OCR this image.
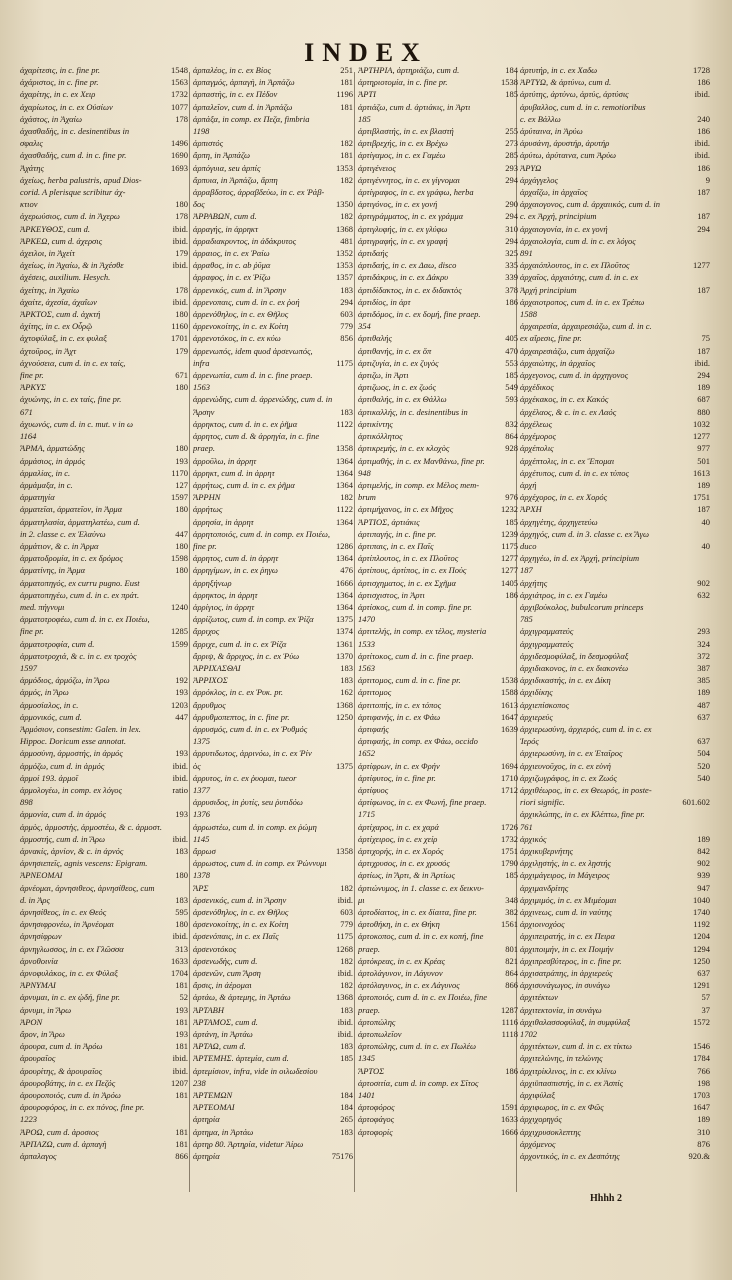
INDEX
ἀχαρίτεσις, in c. fine pr.	1548
ἀχάριστος, in c. fine pr.	1563
ἀχαρίτης, in c. ex Χειρ	1732
ἀχαρίωτος, in c. ex Οὐσίων	1077
ἀχάστος, in Ἀχαίω	178
ἀχασθαδὴς, in c. desinentibus in
σφαλις	1496
ἀχασθαδὴς, cum d. in c. fine pr.	1690
Ἀχάτης	1693
ἀχείως, herba palustris, apud Dios-
corid. A plerisque scribitur ἀχ-
κτιον	180
ἀχερωύσιος, cum d. in Ἀχερω	178
ἈΡΚΕΥΘΟΣ, cum d.	ibid.
ἈΡΚΕΩ, cum d. ἀχερσις	ibid.
ἀχειλοι, in Ἀχείτ	179
ἀχείως, in Ἀχαίω, & in Ἀχέσθε	ibid.
ἀχέσεις, auxilium. Hesych.
ἀχείτης, in Ἀχαίω	178
ἀχαίτε, ἀχεσία, ἀχαΐων	ibid.
ἈΡΚΤΟΣ, cum d. ἀχκτή	180
ἀχίτης, in c. ex Οὖρῷ	1160
ἀχτοφύλαξ, in c. ex φυλαξ	1701
ἀχτοῦρος, in Ἀχτ	179
ἀχνούσεια, cum d. in c. ex ταίς,
fine pr.	671
ἈΡΚΥΣ	180
ἀχυώνης, in c. ex ταίς, fine pr.
671
ἀχυωνός, cum d. in c. mut. ν in ω
1164
ἌΡΜΑ, ἀρματώδης	180
ἀρμάσιος, in ἀρμός	193
ἀρμαλίας, in c.	1170
ἀρμάμαξα, in c.	127
ἀρματηγία	1597
ἀρματεῖαι, ἀρματεῖον, in Ἀρμα	180
ἀρματηλασία, ἀρματηλατέω, cum d.
in 2. classe c. ex Ἐλαύνω	447
ἀρμάτιον, & c. in Ἀρμα	180
ἀρματοδρομία, in c. ex δρόμος	1598
ἀρματίνης, in Ἀρμα	180
ἀρματοπηγός, ex curru pugno. Eust
ἀρματοπηγέω, cum d. in c. ex πράτ.
med. πήγνυμι	1240
ἀρματοτροφέω, cum d. in c. ex Ποιέω,
fine pr.	1285
ἀρματοτροφία, cum d.	1599
ἀρματοτροχιά, & c. in c. ex τροχὸς
1597
ἀρμόδιος, ἀρμόζω, in Ἄρω	192
ἀρμός, in Ἄρω	193
ἀρμοσίαλος, in c.	1203
ἀρμονικός, cum d.	447
Ἁρμόσιον, consestim: Galen. in lex.
Hippoc. Doricum esse annotat.
ἀρμοσύνη, ἀρμοστής, in ἀρμός	193
ἀρμόζω, cum d. in ἀρμός	ibid.
ἀρμοί 193. ἀρμοῖ	ibid.
ἀρμολογέω, in comp. ex λόγος	ratio
898
ἀρμονία, cum d. in ἀρμός	193
ἀρμὸς, ἀρμοστὴς, ἀρμοστέω, & c. ἀρμοστ.
ἀρμοστής, cum d. in Ἄρω	ibid.
ἀρνακίς, ἀρνίον, & c. in ἀρνός	183
ἀρνησιεπεῖς, agnis vescens: Epigram.
ἈΡΝΕΟΜΑΙ	180
ἀρνέομαι, ἀρνησιθεος, ἀρνησίθεος, cum
d. in Ἀρς	183
ἀρνησίθεος, in c. ex Θεός	595
ἀρνησιφρονέω, in Ἀρνέομαι	180
ἀρνησίφρων	ibid.
ἀρνηγλωσσος, in c. ex Γλῶσσα	313
ἀρνοθοινία	1633
ἀρνοφυλάκος, in c. ex Φύλαξ	1704
ἈΡΝΥΜΑΙ	181
ἀρνυμαι, in c. ex ᾠδή, fine pr.	52
ἀρνυμι, in Ἄρω	193
ἈΡΟΝ	181
ἄρον, in Ἄρω	193
ἀρουρα, cum d. in Ἀρόω	181
ἀρουραῖος	ibid.
ἀρουρίτης, & ἀρουραῖος	ibid.
ἀρουροβάτης, in c. ex Πεζός	1207
ἀρουροποιός, cum d. in Ἀρόω	181
ἀρουροφόρος, in c. ex πόνος, fine pr.
1223
ἈΡΟΩ, cum d. ἀροσιος	181
ἈΡΠΑΖΩ, cum d. ἀρπαγὴ	181
ἀρπαλαγος	866
ἀρπαλέος, in c. ex Βίος	251
ἀρπαγμός, ἀρπαγὴ, in Ἀρπάζω	181
ἀρπαστὴς, in c. ex Πέδον	1196
ἀρπαλεῖον, cum d. in Ἀρπάζω	181
ἀρπάξα, in comp. ex Πεζα, fimbria
1198
ἀρπιστός	182
ἄρπη, in Ἀρπάζω	181
ἀρπόγυια, seu ἀρπίς	1353
ἄρπυια, in Ἀρπάζω, ἄρπη	182
ἀρραβδοτος, ἀρραβδεύω, in c. ex Ῥάβ-
δος	1350
ἈΡΡΑΒΩΝ, cum d.	182
ἀρραγής, in ἀρρηκτ	1368
ἀρραδιακρυντος, in ἀδάκρυτος	481
ἀρραιος, in c. ex Ῥαίω	1352
ἀρραθος, in c. ab ῥῦμα	1353
ἀρραφος, in c. ex Ῥίζω	1357
ἀρρενικός, cum d. in Ἄρσην	183
ἀρρενοπαις, cum d. in c. ex ῥοή	294
ἀρρενόθηλυς, in c. ex Θῆλυς	603
ἀρρενοκοίτης, in c. ex Κοίτη	779
ἀρρενοτόκος, in c. ex κύω	856
ἀρρενωπός, idem quod ἀρσενωπός,
infra	1175
ἀρρενωπία, cum d. in c. fine praep.
1563
ἀρρενώδης, cum d. ἀρρενώδης, cum d. in
Ἄρσην	183
ἀρρηκτος, cum d. in c. ex ῥῆμα	1122
ἀρρητος, cum d. & ἀρρηγία, in c. fine
praep.	1358
ἀρροῦλω, in ἀρρητ	1364
ἀρρηκτ, cum d. in ἀρρητ	1364
ἀρρήτως, cum d. in c. ex ῥῆμα	1364
ἌΡΡΗΝ	182
ἀρρήτως	1122
ἀρρησία, in ἀρρητ	1364
ἀρρητοποιός, cum d. in comp. ex Ποιέω,
fine pr.	1286
ἀρρητος, cum d. in ἀρρητ	1364
ἀρρηγίμων, in c. ex ῥηγω	476
ἀρρηξήνωρ	1666
ἀρρηκτος, in ἀρρητ	1364
ἀρρίγιος, in ἀρρητ	1364
ἀρρίζωτος, cum d. in comp. ex Ῥίζα	1375
ἄρριχος	1374
ἄρριχε, cum d. in c. ex Ῥίζα	1361
ἄρριψ, & ἄρριχος, in c. ex Ῥύω	1370
ἈΡΡΙΧΑΣΘΑΙ	183
ἈΡΡΙΧΟΣ	183
ἀρρόκλος, in c. ex Ῥυκ. pr.	162
ἄρρυθμος	1368
ἀρρυθμοπεπτος, in c. fine pr.	1250
ἀρρυσμός, cum d. in c. ex Ῥυθμός
1375
ἀρρυτιδωτος, ἀρρινόω, in c. ex Ῥίν
ὸς	1375
ἀρρυτος, in c. ex ῥυομαι, tueor
1377
ἀρρυσιδος, in ῥυτίς, seu ῥυτιδόω
1376
ἀρρωστέω, cum d. in comp. ex ῥώμη
1145
ἄρρωσ	1358
ἀρρωστος, cum d. in comp. ex Ῥώννυμι
1378
ἌΡΣ	182
ἀρσενικός, cum d. in Ἄρσην	ibid.
ἀρσενόθηλυς, in c. ex Θῆλυς	603
ἀρσενοκοίτης, in c. ex Κοίτη	779
ἀρσενόπαις, in c. ex Παῖς	1175
ἀρσενοτόκος	1268
ἀρσενωδὴς, cum d.	182
ἀρσενῶν, cum Ἄρση	ibid.
ἄρσις, in ἀέρομαι	182
ἀρτάω, & ἀρτεμης, in Ἀρτάω	1368
ἈΡΤΑΒΗ	183
ἈΡΤΑΜΟΣ, cum d.	ibid.
ἀρτάνη, in Ἀρτάω	ibid.
ἈΡΤΑΩ, cum d.	183
ἈΡΤΕΜΗΣ. ἀρτεμία, cum d.	185
ἀρτεμίσιον, infra, vide in οιλωδεσίου
238
ἈΡΤΕΜΩΝ	184
ἈΡΤΕΟΜΑΙ	184
ἀρτηρία	265
ἀρτημα, in Ἀρτάω	183
ἀρτηρ 80. Ἀρτηρία, videtur Ἀίρω
ἀρτηρία	75176
ἈΡΤΗΡΙΑ, ἀρτηριάζω, cum d.	184
ἀρτηριοτομία, in c. fine pr.	1538
ἈΡΤΙ	185
ἀρτιάζω, cum d. ἀρτιάκις, in Ἀρτι
185
ἀρτιβλαστής, in c. ex βλαστή	255
ἀρτιβρεχής, in c. ex Βρέχω	273
ἀρτίγαμος, in c. ex Γαμέω	285
ἀρτιγένειος	293
ἀρτιγέννητος, in c. ex γίγνομαι	294
ἀρτίγραφος, in c. ex γράφω, herba
ἀρτιγόνος, in c. ex γονή	290
ἀρτιγράμματος, in c. ex γράμμα	294
ἀρτιγλυφής, in c. ex γλύφω	310
ἀρτιγραφής, in c. ex γραφή	294
ἀρτιδαής	325
ἀρτιδαής, in c. ex Δαω, disco	335
ἀρτιδάκρυς, in c. ex Δάκρυ	339
ἀρτιδίδακτος, in c. ex διδακτὸς	378
ἀρτιδίος, in ἀρτ	186
ἀρτιδόμος, in c. ex δομή, fine praep.
354
ἀρτιθαλής	405
ἀρτιθανής, in c. ex ὅπ	470
ἀρτιζυγία, in c. ex ζυγὸς	553
ἀρτιζω, in Ἀρτι	185
ἀρτιζωος, in c. ex ζωός	549
ἀρτιθαλής, in c. ex Θάλλω	593
ἀρτικαλλής, in c. desinentibus in
ἀρτικίντης	832
ἀρτικόλλητος	864
ἀρτικρεμής, in c. ex κλοχὸς	928
ἀρτιμαθής, in c. ex Μανθάνω, fine pr.
948
ἀρτιμελής, in comp. ex Μέλος mem-
brum	976
ἀρτιμήχανος, in c. ex Μῆχος	1232
ἈΡΤΙΟΣ, ἀρτιάκις	185
ἀρτιπαγής, in c. fine pr.	1239
ἀρτιπαις, in c. ex Παῖς	1175
ἀρτίπλουτος, in c. ex Πλοῦτος	1277
ἀρτίπους, ἀρτίπος, in c. ex Πούς	1277
ἀρτισχηματος, in c. ex Σχῆμα	1405
ἀρτισχιστος, in Ἀρτι	186
ἀρτίσκος, cum d. in comp. fine pr.
1470
ἀρτιτελής, in comp. ex τέλος, mysteria
1533
ἀρτίτοκος, cum d. in c. fine praep.
1563
ἀρτιτομος, cum d. in c. fine pr.	1538
ἀρτιτομος	1588
ἀρτιτοπής, in c. ex τόπος	1613
ἀρτιφανής, in c. ex Φάω	1647
ἀρτιφαής	1639
ἀρτιφαής, in comp. ex Φάω, occido
1652
ἀρτίφρων, in c. ex Φρήν	1694
ἀρτίφυτος, in c. fine pr.	1710
ἀρτίφυος	1712
ἀρτίφωνος, in c. ex Φωνή, fine praep.
1715
ἀρτίχαρος, in c. ex χαρά	1726
ἀρτίχειρος, in c. ex χείρ	1732
ἀρτιχορής, in c. ex Χορός	1751
ἀρτιχρυσος, in c. ex χρυσός	1790
ἀρτίως, in Ἄρτι, & in Ἀρτίως	185
ἀρτιώνυμος, in 1. classe c. ex δεικνυ-
μι	348
ἀρτοδίαιτος, in c. ex δίαιτα, fine pr.	382
ἀρτοθήκη, in c. ex Θήκη	1561
ἀρτοκοπος, cum d. in c. ex κοπή, fine
praep.	801
ἀρτόκρεας, in c. ex Κρέας	821
ἀρτολάγυνον, in Λάγυνον	864
ἀρτόλαγυνος, in c. ex Λάγυνος	866
ἀρτοποιός, cum d. in c. ex Ποιέω, fine
praep.	1287
ἀρτοπώλης	1116
ἀρτοπωλεῖον	1118
ἀρτοπώλης, cum d. in c. ex Πωλέω
1345
ἌΡΤΟΣ	186
ἀρτοσιτία, cum d. in comp. ex Σῖτος
1401
ἀρτοφόρος	1591
ἀρτοφάγος	1633
ἀρτοφορίς	1666
ἀρτυτήρ, in c. ex Χαδω	1728
ἈΡΤΥΩ, & ἀρτύνω, cum d.	186
ἀρτύτης, ἀρτύνω, ἀρτύς, ἀρτύσις	ibid.
ἀρυβαλλος, cum d. in c. remotioribus
c. ex Βάλλω	240
ἀρύταινα, in Ἀρύω	186
ἀρυσάνη, ἀρυστήρ, ἀρυτήρ	ibid.
ἀρύτω, ἀρύταινα, cum Ἀρύω	ibid.
ἈΡΥΩ	186
ἀρχάγγελος	9
ἀρχαΐζω, in ἀρχαῖος	187
ἀρχαιογονος, cum d. ἀρχαιικός, cum d. in
c. ex Ἀρχή, principium	187
ἀρχαιογονία, in c. ex γονή	294
ἀρχαιολογία, cum d. in c. ex λόγος
891
ἀρχαιόπλουτος, in c. ex Πλοῦτος	1277
ἀρχαῖος, ἀρχαιότης, cum d. in c. ex
Ἀρχή principium	187
ἀρχαιοτροπος, cum d. in c. ex Τρέπω
1588
ἀρχαιρεσία, ἀρχαιρεσιάζω, cum d. in c.
ex αἵρεσις, fine pr.	75
ἀρχαιρεσιάζω, cum ἀρχαίζω	187
ἀρχαιώτης, in ἀρχαῖος	ibid.
ἀρχεγονος, cum d. in ἀρχηγονος	294
ἀρχέδικος	189
ἀρχέκακος, in c. ex Κακός	687
ἀρχέλαος, & c. in c. ex Λαός	880
ἀρχέλεως	1032
ἀρχέμορος	1277
ἀρχέπολις	977
ἀρχέπτολις, in c. ex Ἕπομαι	501
ἀρχέτυπος, cum d. in c. ex τύπος	1613
ἀρχή	189
ἀρχέχορος, in c. ex Χορός	1751
ἈΡΧΗ	187
ἀρχηγέτης, ἀρχηγετεύω	40
ἀρχηγός, cum d. in 3. classe c. ex Ἄγω
duco	40
ἀρχηγέω, in d. ex Ἀρχή, principium
187
ἀρχήτης	902
ἀρχιάτρος, in c. ex Γαμέω	632
ἀρχιβούκολος, bubulcorum princeps
785
ἀρχιγραμματεύς	293
ἀρχιγραμματεύς	324
ἀρχιδεσμοφύλαξ, in δεσμοφύλαξ	372
ἀρχιδιακονος, in c. ex διακονέω	387
ἀρχιδικαστής, in c. ex Δίκη	385
ἀρχιδίκης	189
ἀρχιεπίσκοπος	487
ἀρχιερεύς	637
ἀρχιερωσύνη, ἀρχιερός, cum d. in c. ex
Ἱερός	637
ἀρχιερωσύνη, in c. ex Ἑταῖρος	504
ἀρχιευνοῦχος, in c. ex εὐνή	520
ἀρχιζωγράφος, in c. ex Ζωός	540
ἀρχιθέωρος, in c. ex Θεωρός, in poste-
riori signific.	601.602
ἀρχικλώπης, in c. ex Κλέπτω, fine pr.
761
ἀρχικός	189
ἀρχικυβερνήτης	842
ἀρχιλῃστής, in c. ex λῃστής	902
ἀρχιμάγειρος, in Μάγειρος	939
ἀρχιμανδρίτης	947
ἀρχιμιμός, in c. ex Μιμέομαι	1040
ἀρχινεως, cum d. in ναύτης	1740
ἀρχιοινοχόος	1192
ἀρχιπειρατής, in c. ex Πειρα	1204
ἀρχιποιμήν, in c. ex Ποιμήν	1294
ἀρχιπρεσβύτερος, in c. fine pr.	1250
ἀρχισατράπης, in ἀρχιερεύς	637
ἀρχισυνάγωγος, in συνάγω	1291
ἀρχιτέκτων	57
ἀρχιτεκτονία, in συνάγω	37
ἀρχιθαλασσοφύλαξ, in συμφύλαξ	1572
1702
ἀρχιτέκτων, cum d. in c. ex τίκτω	1546
ἀρχιτελώνης, in τελώνης	1784
ἀρχιτρίκλινος, in c. ex κλίνω	766
ἀρχιϋπασπιστής, in c. ex Ἀσπίς	198
ἀρχιφύλαξ	1703
ἀρχιφωρος, in c. ex Φῶς	1647
ἀρχιχορηγός	189
ἀρχιχρυσοκλεπτης	310
ἀρχόμενος	876
ἀρχοντικός, in c. ex Δεσπότης	920.&
Hhhh 2
